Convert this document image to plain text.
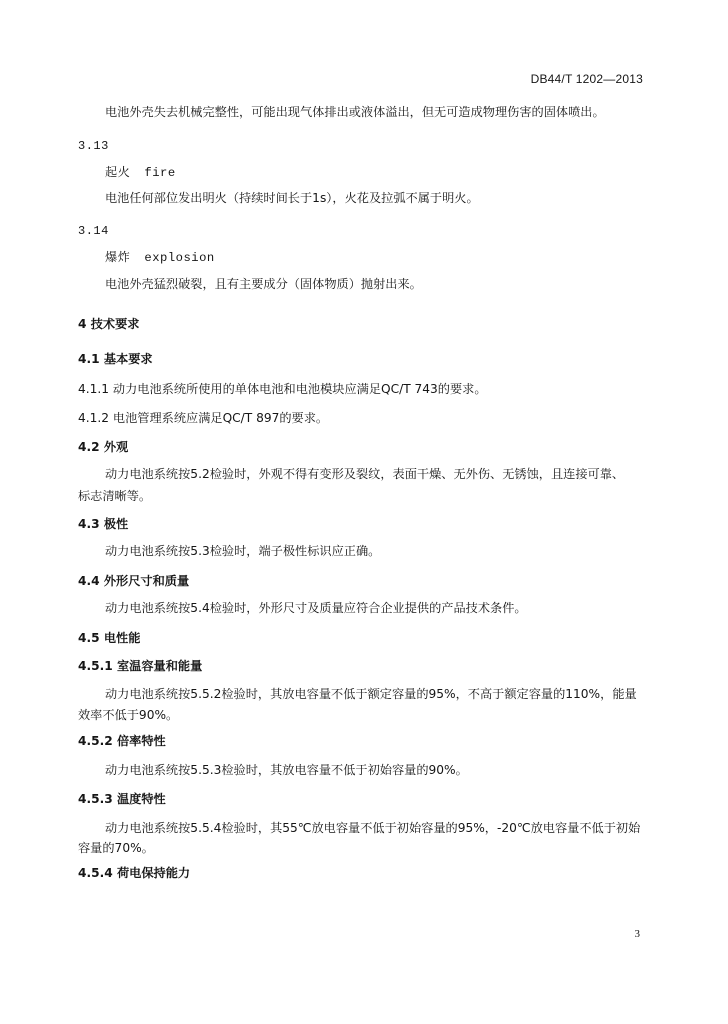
DB44/T 1202—2013
电池外壳失去机械完整性，可能出现气体排出或液体溢出，但无可造成物理伤害的固体喷出。
3.13
起火 fire
电池任何部位发出明火（持续时间长于1s），火花及拉弧不属于明火。
3.14
爆炸 explosion
电池外壳猛烈破裂，且有主要成分（固体物质）抛射出来。
4 技术要求
4.1 基本要求
4.1.1 动力电池系统所使用的单体电池和电池模块应满足QC/T 743的要求。
4.1.2 电池管理系统应满足QC/T 897的要求。
4.2 外观
动力电池系统按5.2检验时，外观不得有变形及裂纹，表面干燥、无外伤、无锈蚀，且连接可靠、
标志清晰等。
4.3 极性
动力电池系统按5.3检验时，端子极性标识应正确。
4.4 外形尺寸和质量
动力电池系统按5.4检验时，外形尺寸及质量应符合企业提供的产品技术条件。
4.5 电性能
4.5.1 室温容量和能量
动力电池系统按5.5.2检验时，其放电容量不低于额定容量的95%，不高于额定容量的110%，能量
效率不低于90%。
4.5.2 倍率特性
动力电池系统按5.5.3检验时，其放电容量不低于初始容量的90%。
4.5.3 温度特性
动力电池系统按5.5.4检验时，其55℃放电容量不低于初始容量的95%，-20℃放电容量不低于初始
容量的70%。
4.5.4 荷电保持能力
3
